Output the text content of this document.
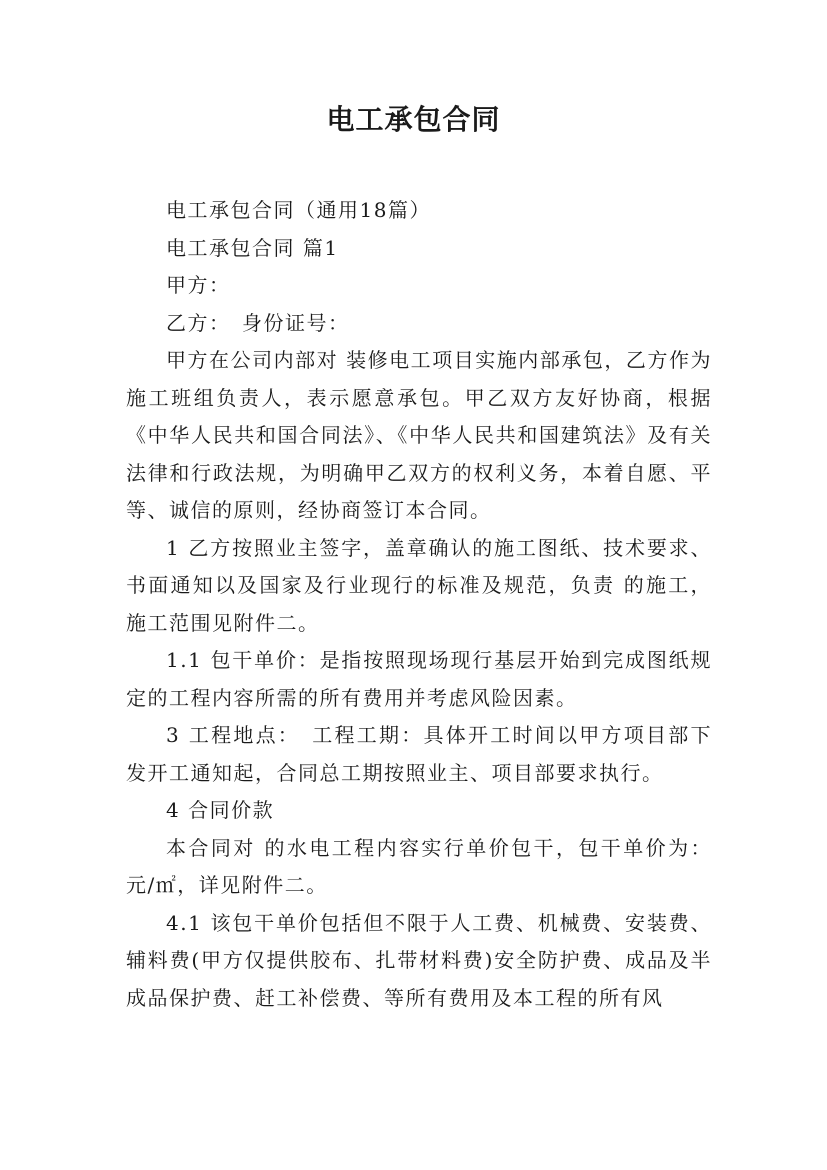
电工承包合同

电工承包合同（通用18篇）

电工承包合同 篇1

甲方：

乙方：　身份证号：

甲方在公司内部对 装修电工项目实施内部承包，乙方作为施工班组负责人，表示愿意承包。甲乙双方友好协商，根据《中华人民共和国合同法》、《中华人民共和国建筑法》及有关法律和行政法规，为明确甲乙双方的权利义务，本着自愿、平等、诚信的原则，经协商签订本合同。

1 乙方按照业主签字，盖章确认的施工图纸、技术要求、书面通知以及国家及行业现行的标准及规范，负责 的施工，施工范围见附件二。

1.1 包干单价：是指按照现场现行基层开始到完成图纸规定的工程内容所需的所有费用并考虑风险因素。

3 工程地点：　工程工期：具体开工时间以甲方项目部下发开工通知起，合同总工期按照业主、项目部要求执行。

4 合同价款

本合同对 的水电工程内容实行单价包干，包干单价为：元/㎡，详见附件二。

4.1 该包干单价包括但不限于人工费、机械费、安装费、辅料费(甲方仅提供胶布、扎带材料费)安全防护费、成品及半成品保护费、赶工补偿费、等所有费用及本工程的所有风
